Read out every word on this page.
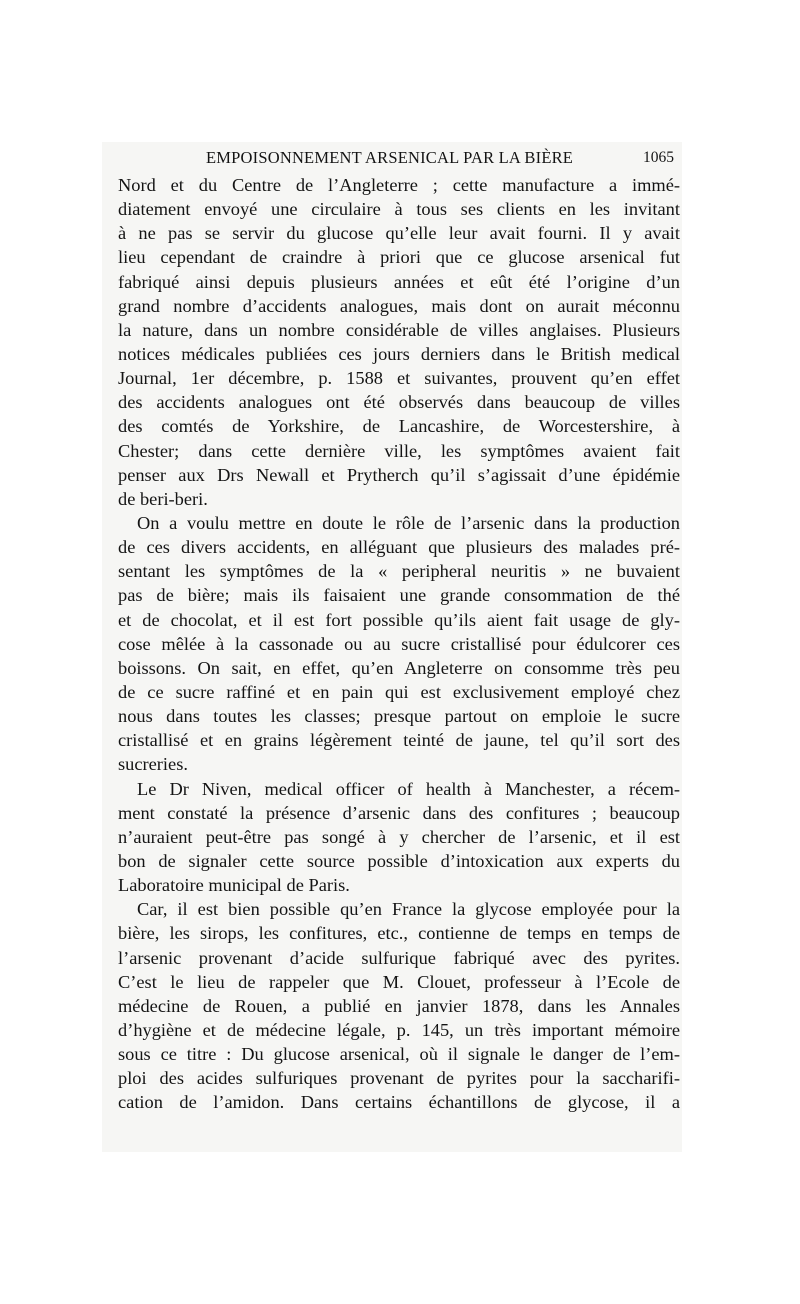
EMPOISONNEMENT ARSENICAL PAR LA BIÈRE	1065
Nord et du Centre de l’Angleterre ; cette manufacture a immé-
diatement envoyé une circulaire à tous ses clients en les invitant
à ne pas se servir du glucose qu’elle leur avait fourni. Il y avait
lieu cependant de craindre à priori que ce glucose arsenical fut
fabriqué ainsi depuis plusieurs années et eût été l’origine d’un
grand nombre d’accidents analogues, mais dont on aurait méconnu
la nature, dans un nombre considérable de villes anglaises. Plusieurs
notices médicales publiées ces jours derniers dans le British medical
Journal, 1er décembre, p. 1588 et suivantes, prouvent qu’en effet
des accidents analogues ont été observés dans beaucoup de villes
des comtés de Yorkshire, de Lancashire, de Worcestershire, à
Chester; dans cette dernière ville, les symptômes avaient fait
penser aux Drs Newall et Prytherch qu’il s’agissait d’une épidémie
de beri-beri.
On a voulu mettre en doute le rôle de l’arsenic dans la production
de ces divers accidents, en alléguant que plusieurs des malades pré-
sentant les symptômes de la « peripheral neuritis » ne buvaient
pas de bière; mais ils faisaient une grande consommation de thé
et de chocolat, et il est fort possible qu’ils aient fait usage de gly-
cose mêlée à la cassonade ou au sucre cristallisé pour édulcorer ces
boissons. On sait, en effet, qu’en Angleterre on consomme très peu
de ce sucre raffiné et en pain qui est exclusivement employé chez
nous dans toutes les classes; presque partout on emploie le sucre
cristallisé et en grains légèrement teinté de jaune, tel qu’il sort des
sucreries.
Le Dr Niven, medical officer of health à Manchester, a récem-
ment constaté la présence d’arsenic dans des confitures ; beaucoup
n’auraient peut-être pas songé à y chercher de l’arsenic, et il est
bon de signaler cette source possible d’intoxication aux experts du
Laboratoire municipal de Paris.
Car, il est bien possible qu’en France la glycose employée pour la
bière, les sirops, les confitures, etc., contienne de temps en temps de
l’arsenic provenant d’acide sulfurique fabriqué avec des pyrites.
C’est le lieu de rappeler que M. Clouet, professeur à l’Ecole de
médecine de Rouen, a publié en janvier 1878, dans les Annales
d’hygiène et de médecine légale, p. 145, un très important mémoire
sous ce titre : Du glucose arsenical, où il signale le danger de l’em-
ploi des acides sulfuriques provenant de pyrites pour la saccharifi-
cation de l’amidon. Dans certains échantillons de glycose, il a
